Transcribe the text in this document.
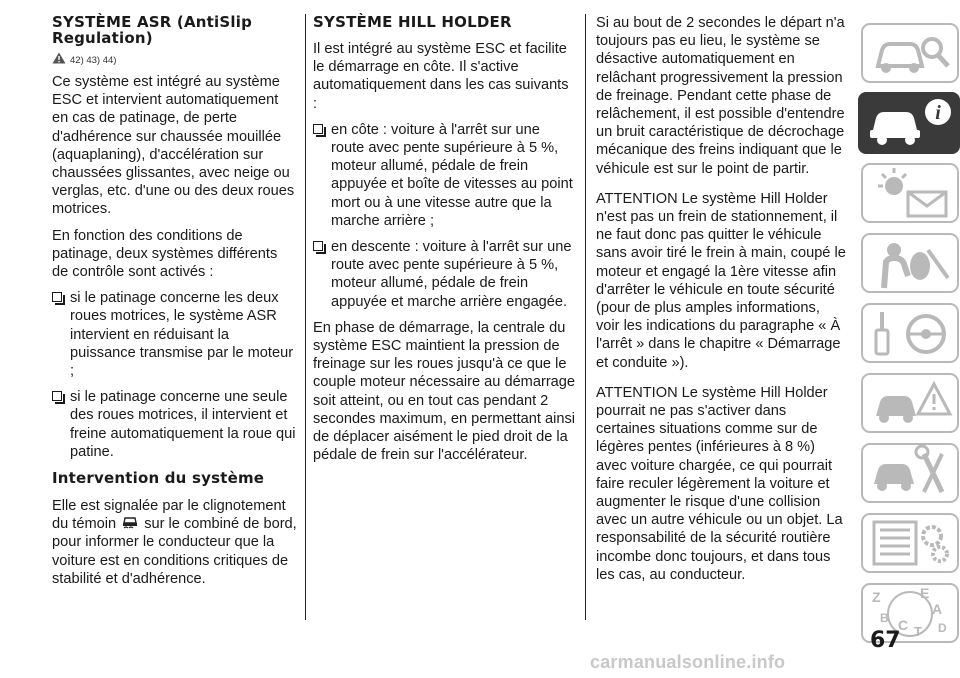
SYSTÈME ASR (AntiSlip Regulation)
42) 43) 44)

Ce système est intégré au système ESC et intervient automatiquement en cas de patinage, de perte d'adhérence sur chaussée mouillée (aquaplaning), d'accélération sur chaussées glissantes, avec neige ou verglas, etc. d'une ou des deux roues motrices.

En fonction des conditions de patinage, deux systèmes différents de contrôle sont activés :

si le patinage concerne les deux roues motrices, le système ASR intervient en réduisant la puissance transmise par le moteur ;
si le patinage concerne une seule des roues motrices, il intervient et freine automatiquement la roue qui patine.
Intervention du système

Elle est signalée par le clignotement du témoin sur le combiné de bord, pour informer le conducteur que la voiture est en conditions critiques de stabilité et d'adhérence.

SYSTÈME HILL HOLDER

Il est intégré au système ESC et facilite le démarrage en côte. Il s'active automatiquement dans les cas suivants :

en côte : voiture à l'arrêt sur une route avec pente supérieure à 5 %, moteur allumé, pédale de frein appuyée et boîte de vitesses au point mort ou à une vitesse autre que la marche arrière ;
en descente : voiture à l'arrêt sur une route avec pente supérieure à 5 %, moteur allumé, pédale de frein appuyée et marche arrière engagée.

En phase de démarrage, la centrale du système ESC maintient la pression de freinage sur les roues jusqu'à ce que le couple moteur nécessaire au démarrage soit atteint, ou en tout cas pendant 2 secondes maximum, en permettant ainsi de déplacer aisément le pied droit de la pédale de frein sur l'accélérateur.

Si au bout de 2 secondes le départ n'a toujours pas eu lieu, le système se désactive automatiquement en relâchant progressivement la pression de freinage. Pendant cette phase de relâchement, il est possible d'entendre un bruit caractéristique de décrochage mécanique des freins indiquant que le véhicule est sur le point de partir.

ATTENTION Le système Hill Holder n'est pas un frein de stationnement, il ne faut donc pas quitter le véhicule sans avoir tiré le frein à main, coupé le moteur et engagé la 1ère vitesse afin d'arrêter le véhicule en toute sécurité (pour de plus amples informations, voir les indications du paragraphe « À l'arrêt » dans le chapitre « Démarrage et conduite »).

ATTENTION Le système Hill Holder pourrait ne pas s'activer dans certaines situations comme sur de légères pentes (inférieures à 8 %) avec voiture chargée, ce qui pourrait faire reculer légèrement la voiture et augmenter le risque d'une collision avec un autre véhicule ou un objet. La responsabilité de la sécurité routière incombe donc toujours, et dans tous les cas, au conducteur.

i
Z	E
A
B C T D
67
carmanualsonline.info
